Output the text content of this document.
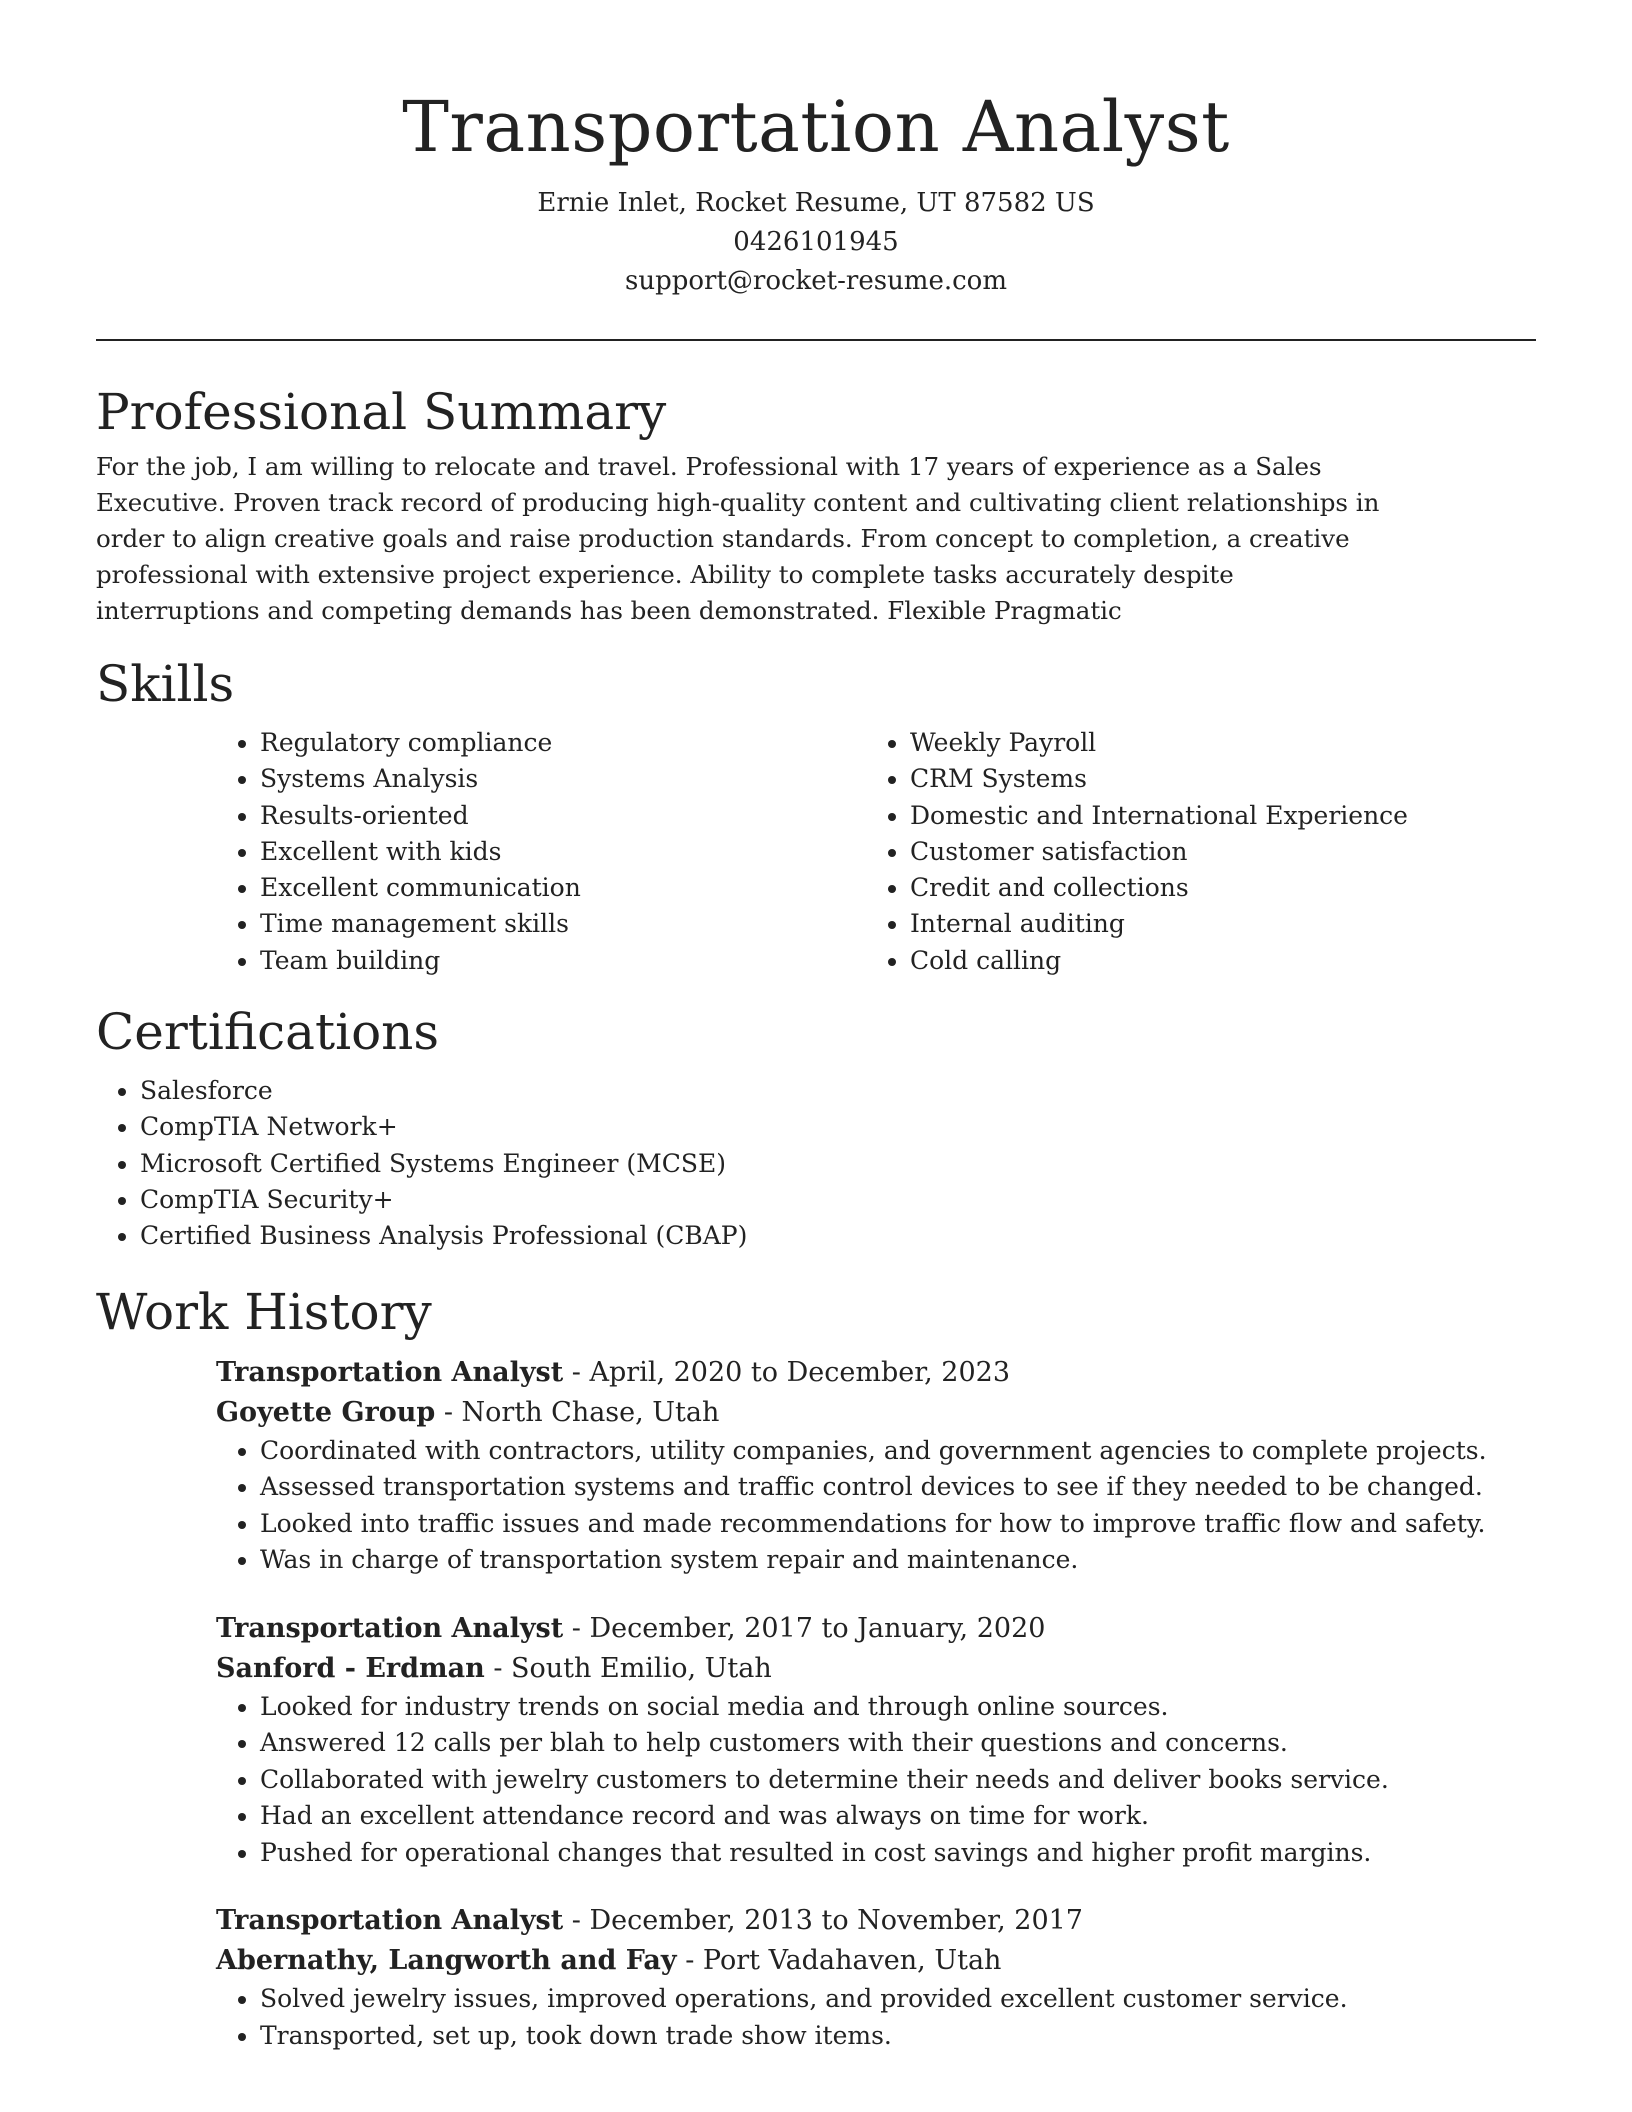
Transportation Analyst
Ernie Inlet, Rocket Resume, UT 87582 US
0426101945
support@rocket-resume.com
Professional Summary

For the job, I am willing to relocate and travel. Professional with 17 years of experience as a Sales Executive. Proven track record of producing high-quality content and cultivating client relationships in order to align creative goals and raise production standards. From concept to completion, a creative professional with extensive project experience. Ability to complete tasks accurately despite interruptions and competing demands has been demonstrated. Flexible Pragmatic

Skills
• Regulatory compliance
• Systems Analysis
• Results-oriented
• Excellent with kids
• Excellent communication
• Time management skills
• Team building
• Weekly Payroll
• CRM Systems
• Domestic and International Experience
• Customer satisfaction
• Credit and collections
• Internal auditing
• Cold calling
Certifications
• Salesforce
• CompTIA Network+
• Microsoft Certified Systems Engineer (MCSE)
• CompTIA Security+
• Certified Business Analysis Professional (CBAP)
Work History
Transportation Analyst - April, 2020 to December, 2023
Goyette Group - North Chase, Utah
• Coordinated with contractors, utility companies, and government agencies to complete projects.
• Assessed transportation systems and traffic control devices to see if they needed to be changed.
• Looked into traffic issues and made recommendations for how to improve traffic flow and safety.
• Was in charge of transportation system repair and maintenance.
Transportation Analyst - December, 2017 to January, 2020
Sanford - Erdman - South Emilio, Utah
• Looked for industry trends on social media and through online sources.
• Answered 12 calls per blah to help customers with their questions and concerns.
• Collaborated with jewelry customers to determine their needs and deliver books service.
• Had an excellent attendance record and was always on time for work.
• Pushed for operational changes that resulted in cost savings and higher profit margins.
Transportation Analyst - December, 2013 to November, 2017
Abernathy, Langworth and Fay - Port Vadahaven, Utah
• Solved jewelry issues, improved operations, and provided excellent customer service.
• Transported, set up, took down trade show items.
